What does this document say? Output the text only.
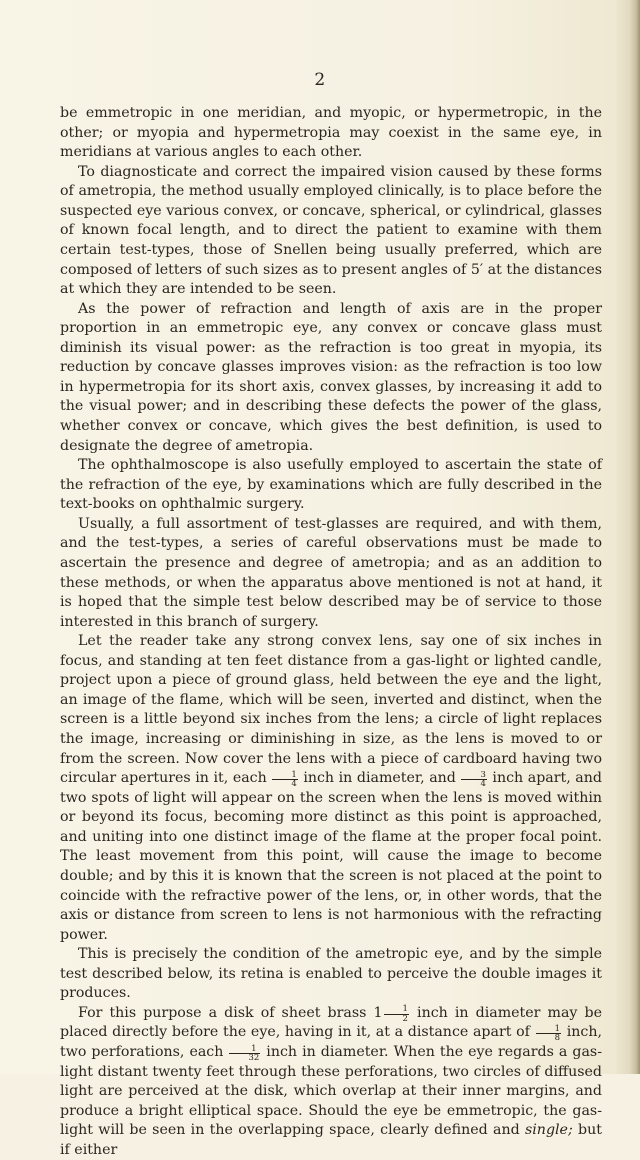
2

be emmetropic in one meridian, and myopic, or hypermetropic, in the other; or myopia and hypermetropia may coexist in the same eye, in meridians at various angles to each other.

To diagnosticate and correct the impaired vision caused by these forms of ametropia, the method usually employed clinically, is to place before the suspected eye various convex, or concave, spherical, or cylindrical, glasses of known focal length, and to direct the patient to examine with them certain test-types, those of Snellen being usually preferred, which are composed of letters of such sizes as to present angles of 5′ at the distances at which they are intended to be seen.

As the power of refraction and length of axis are in the proper proportion in an emmetropic eye, any convex or concave glass must diminish its visual power: as the refraction is too great in myopia, its reduction by concave glasses improves vision: as the refraction is too low in hypermetropia for its short axis, convex glasses, by increasing it add to the visual power; and in describing these defects the power of the glass, whether convex or concave, which gives the best definition, is used to designate the degree of ametropia.

The ophthalmoscope is also usefully employed to ascertain the state of the refraction of the eye, by examinations which are fully described in the text-books on ophthalmic surgery.

Usually, a full assortment of test-glasses are required, and with them, and the test-types, a series of careful observations must be made to ascertain the presence and degree of ametropia; and as an addition to these methods, or when the apparatus above mentioned is not at hand, it is hoped that the simple test below described may be of service to those interested in this branch of surgery.

Let the reader take any strong convex lens, say one of six inches in focus, and standing at ten feet distance from a gas-light or lighted candle, project upon a piece of ground glass, held between the eye and the light, an image of the flame, which will be seen, inverted and distinct, when the screen is a little beyond six inches from the lens; a circle of light replaces the image, increasing or diminishing in size, as the lens is moved to or from the screen. Now cover the lens with a piece of cardboard having two circular apertures in it, each $\frac{1}{4}$ inch in diameter, and $\frac{3}{4}$ inch apart, and two spots of light will appear on the screen when the lens is moved within or beyond its focus, becoming more distinct as this point is approached, and uniting into one distinct image of the flame at the proper focal point. The least movement from this point, will cause the image to become double; and by this it is known that the screen is not placed at the point to coincide with the refractive power of the lens, or, in other words, that the axis or distance from screen to lens is not harmonious with the refracting power.

This is precisely the condition of the ametropic eye, and by the simple test described below, its retina is enabled to perceive the double images it produces.

For this purpose a disk of sheet brass $1 \frac{1}{2}$ inch in diameter may be placed directly before the eye, having in it, at a distance apart of $\frac{1}{8}$ inch, two perforations, each $\frac{1}{32}$ inch in diameter. When the eye regards a gas-light distant twenty feet through these perforations, two circles of diffused light are perceived at the disk, which overlap at their inner margins, and produce a bright elliptical space. Should the eye be emmetropic, the gas-light will be seen in the overlapping space, clearly defined and single; but if either
